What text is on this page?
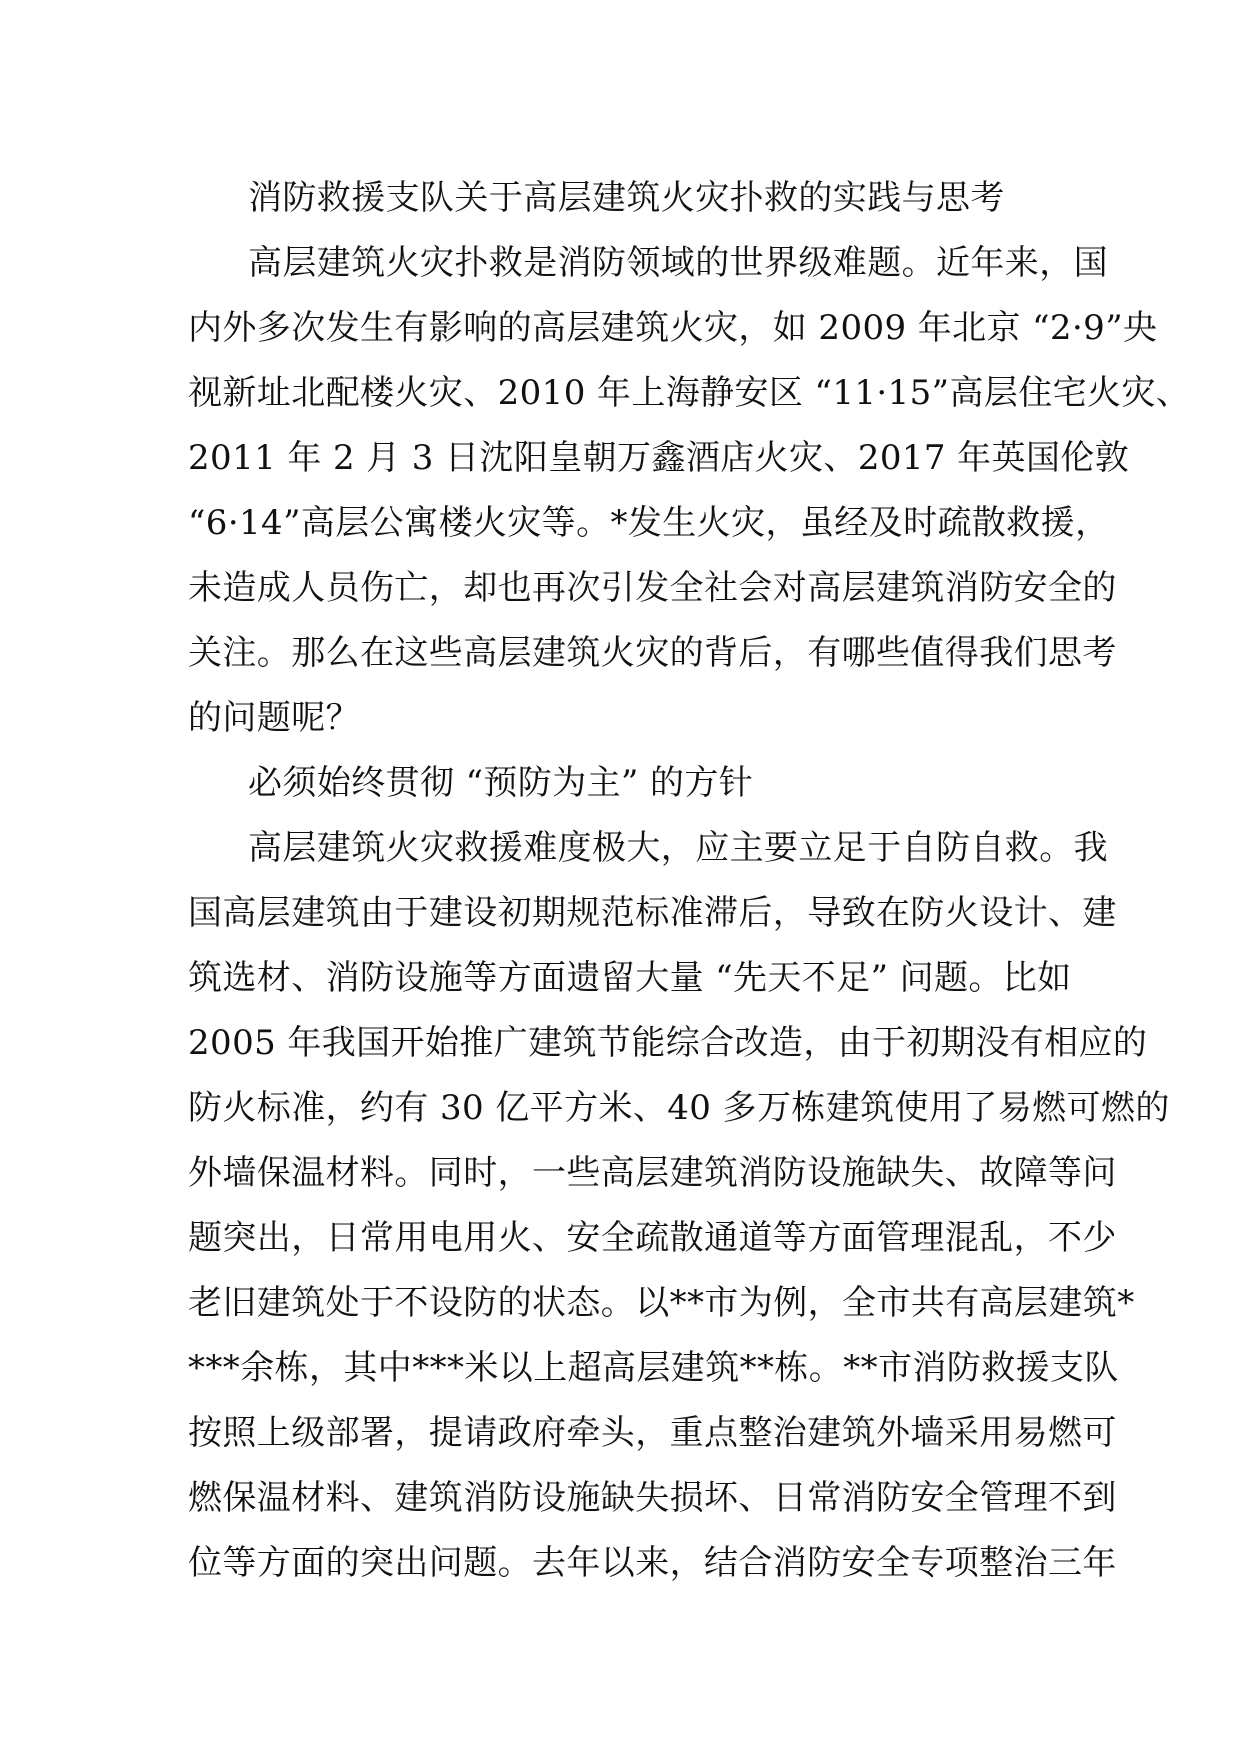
消防救援支队关于高层建筑火灾扑救的实践与思考
高层建筑火灾扑救是消防领域的世界级难题。近年来，国
内外多次发生有影响的高层建筑火灾，如 2009 年北京 “2·9”央
视新址北配楼火灾、2010 年上海静安区 “11·15”高层住宅火灾、
2011 年 2 月 3 日沈阳皇朝万鑫酒店火灾、2017 年英国伦敦
“6·14”高层公寓楼火灾等。*发生火灾，虽经及时疏散救援，
未造成人员伤亡，却也再次引发全社会对高层建筑消防安全的
关注。那么在这些高层建筑火灾的背后，有哪些值得我们思考
的问题呢？
必须始终贯彻 “预防为主” 的方针
高层建筑火灾救援难度极大，应主要立足于自防自救。我
国高层建筑由于建设初期规范标准滞后，导致在防火设计、建
筑选材、消防设施等方面遗留大量 “先天不足” 问题。比如
2005 年我国开始推广建筑节能综合改造，由于初期没有相应的
防火标准，约有 30 亿平方米、40 多万栋建筑使用了易燃可燃的
外墙保温材料。同时，一些高层建筑消防设施缺失、故障等问
题突出，日常用电用火、安全疏散通道等方面管理混乱，不少
老旧建筑处于不设防的状态。以**市为例，全市共有高层建筑*
***余栋，其中***米以上超高层建筑**栋。**市消防救援支队
按照上级部署，提请政府牵头，重点整治建筑外墙采用易燃可
燃保温材料、建筑消防设施缺失损坏、日常消防安全管理不到
位等方面的突出问题。去年以来，结合消防安全专项整治三年
